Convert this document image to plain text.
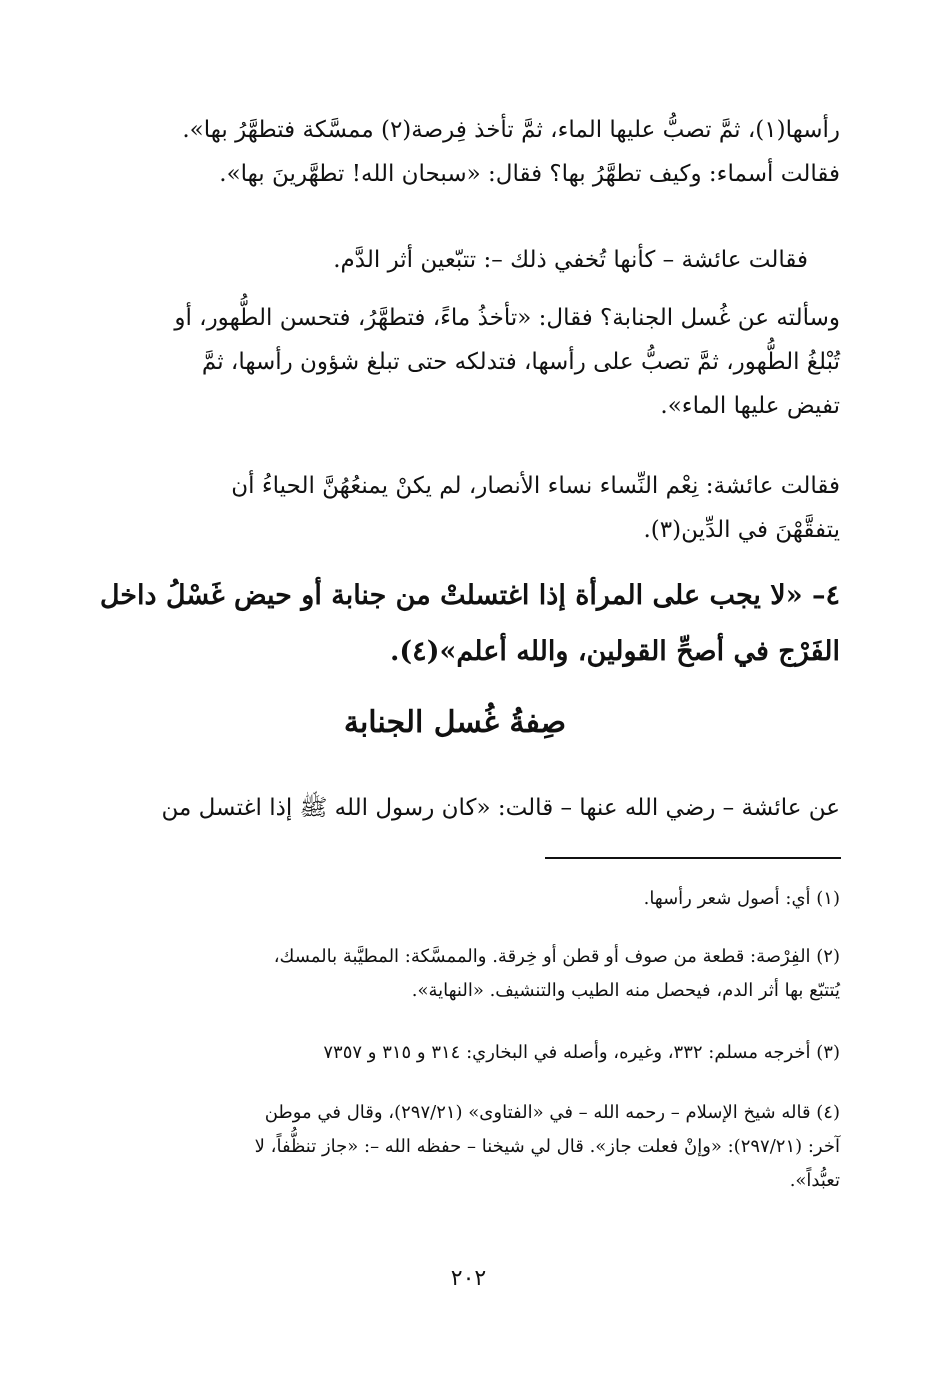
رأسها(١)، ثمَّ تصبُّ عليها الماء، ثمَّ تأخذ فِرصة(٢) ممسَّكة فتطهَّرُ بها».
فقالت أسماء: وكيف تطهَّرُ بها؟ فقال: «سبحان الله! تطهَّرينَ بها».
فقالت عائشة – كأنها تُخفي ذلك –: تتبّعين أثر الدَّم.
وسألته عن غُسل الجنابة؟ فقال: «تأخذُ ماءً، فتطهَّرُ، فتحسن الطُّهور، أو
تُبْلغُ الطُّهور، ثمَّ تصبُّ على رأسها، فتدلكه حتى تبلغ شؤون رأسها، ثمَّ
تفيض عليها الماء».
فقالت عائشة: نِعْم النِّساء نساء الأنصار، لم يكنْ يمنعُهُنَّ الحياءُ أن
يتفقَّهْنَ في الدِّين(٣).
٤– «لا يجب على المرأة إذا اغتسلتْ من جنابة أو حيض غَسْلُ داخل
الفَرْج في أصحِّ القولين، والله أعلم»(٤).
صِفةُ غُسل الجنابة
عن عائشة – رضي الله عنها – قالت: «كان رسول الله ﷺ إذا اغتسل من
(١) أي: أصول شعر رأسها.
(٢) الفِرْصة: قطعة من صوف أو قطن أو خِرقة. والممسَّكة: المطيَّبة بالمسك،
يُتتبّع بها أثر الدم، فيحصل منه الطيب والتنشيف. «النهاية».
(٣) أخرجه مسلم: ٣٣٢، وغيره، وأصله في البخاري: ٣١٤ و ٣١٥ و ٧٣٥٧
(٤) قاله شيخ الإسلام – رحمه الله – في «الفتاوى» (٢٩٧/٢١)، وقال في موطن
آخر: (٢٩٧/٢١): «وإنْ فعلت جاز». قال لي شيخنا – حفظه الله –: «جاز تنظُّفاً، لا
تعبُّداً».
٢٠٢
